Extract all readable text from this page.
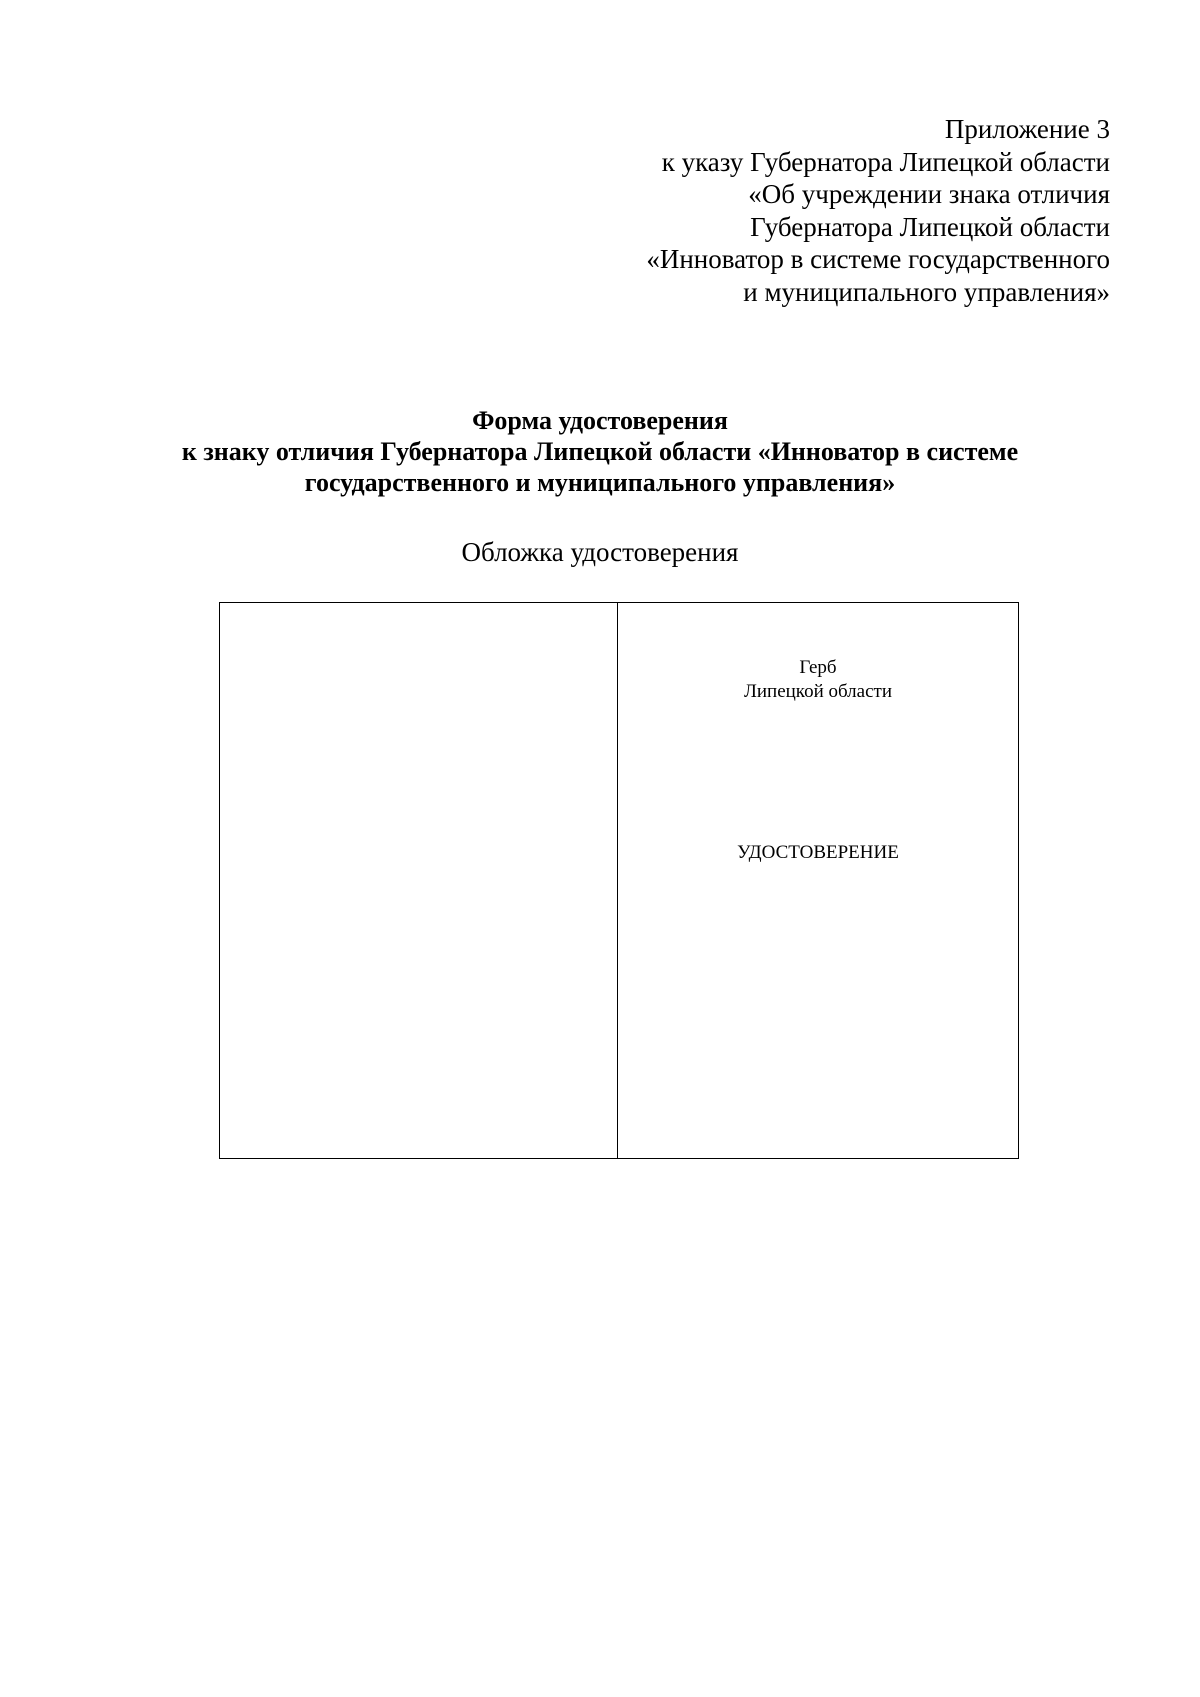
Приложение 3
к указу Губернатора Липецкой области
«Об учреждении знака отличия
Губернатора Липецкой области
«Инноватор в системе государственного
и муниципального управления»
Форма удостоверения
к знаку отличия Губернатора Липецкой области «Инноватор в системе
государственного и муниципального управления»
Обложка удостоверения
Герб
Липецкой области
УДОСТОВЕРЕНИЕ
